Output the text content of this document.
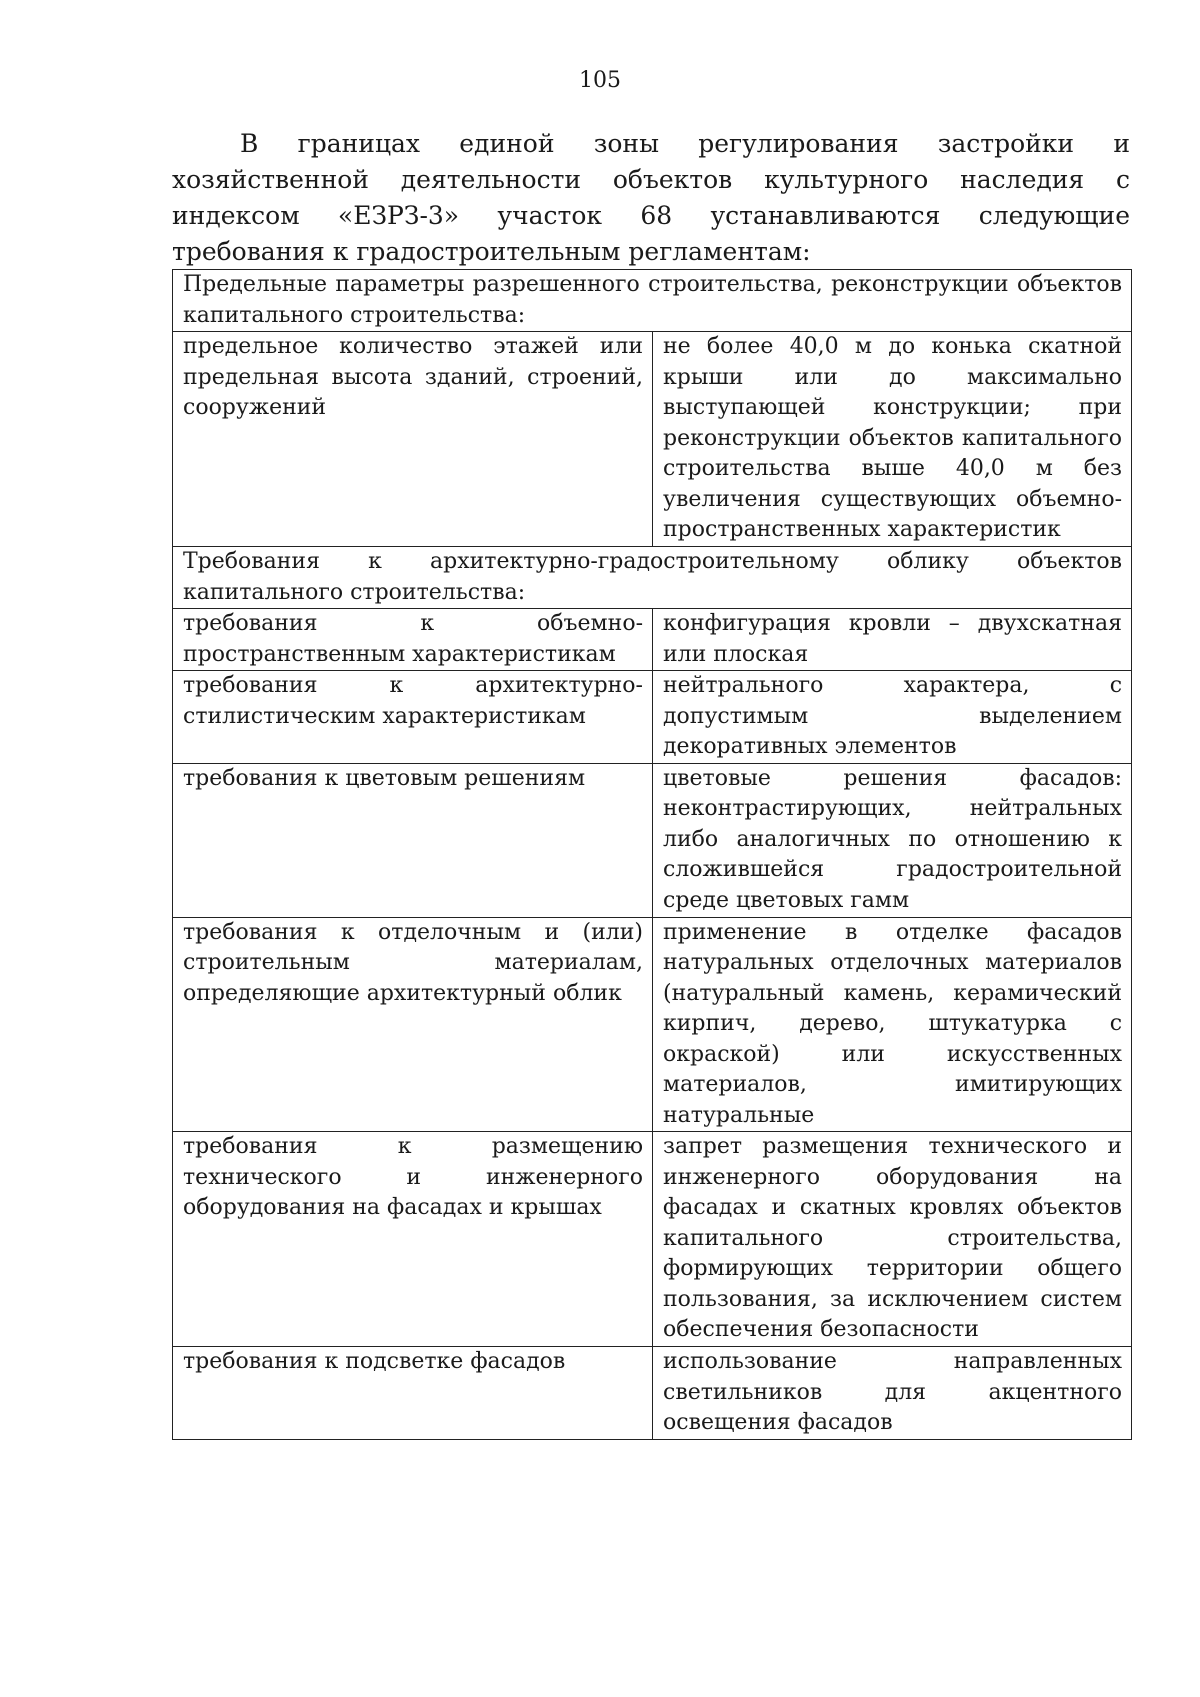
105

В границах единой зоны регулирования застройки и хозяйственной деятельности объектов культурного наследия с индексом «ЕЗРЗ-3» участок 68 устанавливаются следующие требования к градостроительным регламентам:

Предельные параметры разрешенного строительства, реконструкции объектов капитального строительства:	
предельное количество этажей или предельная высота зданий, строений, сооружений	не более 40,0 м до конька скатной крыши или до максимально выступающей конструкции; при реконструкции объектов капитального строительства выше 40,0 м без увеличения существующих объемно-пространственных характеристик
Требования к архитектурно-градостроительному облику объектов капитального строительства:	
требования к объемно-пространственным характеристикам	конфигурация кровли – двухскатная или плоская
требования к архитектурно-стилистическим характеристикам	нейтрального характера, с допустимым выделением декоративных элементов
требования к цветовым решениям	цветовые решения фасадов: неконтрастирующих, нейтральных либо аналогичных по отношению к сложившейся градостроительной среде цветовых гамм
требования к отделочным и (или) строительным материалам, определяющие архитектурный облик	применение в отделке фасадов натуральных отделочных материалов (натуральный камень, керамический кирпич, дерево, штукатурка с окраской) или искусственных материалов, имитирующих натуральные
требования к размещению технического и инженерного оборудования на фасадах и крышах	запрет размещения технического и инженерного оборудования на фасадах и скатных кровлях объектов капитального строительства, формирующих территории общего пользования, за исключением систем обеспечения безопасности
требования к подсветке фасадов	использование направленных светильников для акцентного освещения фасадов
